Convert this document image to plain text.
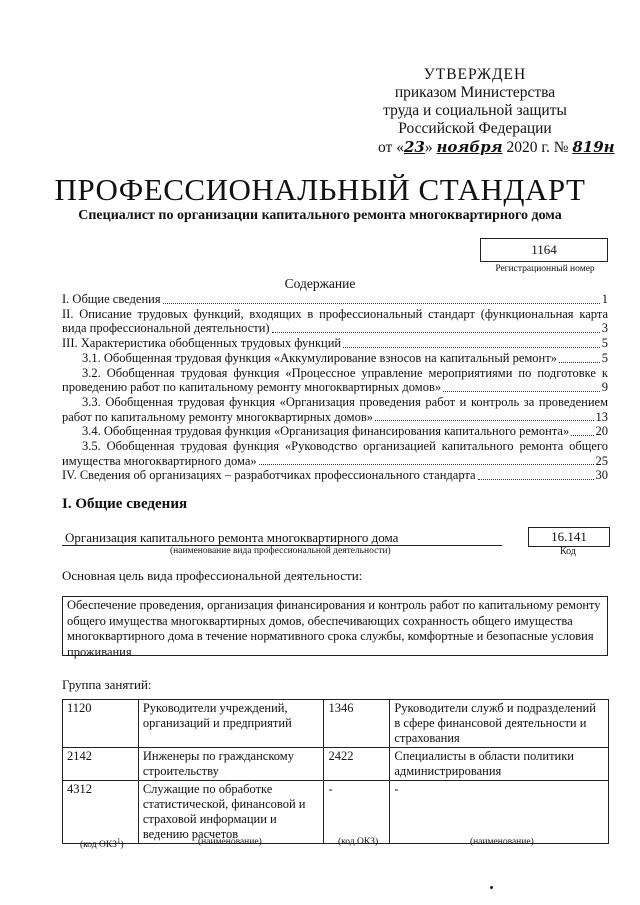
УТВЕРЖДЕН
приказом Министерства
труда и социальной защиты
Российской Федерации
от «23» ноября 2020 г. № 819н
ПРОФЕССИОНАЛЬНЫЙ СТАНДАРТ
Специалист по организации капитального ремонта многоквартирного дома
1164
Регистрационный номер
Содержание
I. Общие сведения	1
II. Описание трудовых функций, входящих в профессиональный стандарт (функциональная карта
вида профессиональной деятельности)	3
III. Характеристика обобщенных трудовых функций	5
3.1. Обобщенная трудовая функция «Аккумулирование взносов на капитальный ремонт»	5
3.2. Обобщенная трудовая функция «Процессное управление мероприятиями по подготовке к
проведению работ по капитальному ремонту многоквартирных домов»	9
3.3. Обобщенная трудовая функция «Организация проведения работ и контроль за проведением
работ по капитальному ремонту многоквартирных домов»	13
3.4. Обобщенная трудовая функция «Организация финансирования капитального ремонта» 20
3.5. Обобщенная трудовая функция «Руководство организацией капитального ремонта общего
имущества многоквартирного дома»	25
IV. Сведения об организациях – разработчиках профессионального стандарта	30
I. Общие сведения
Организация капитального ремонта многоквартирного дома
(наименование вида профессиональной деятельности)
16.141
Код
Основная цель вида профессиональной деятельности:
Обеспечение проведения, организация финансирования и контроль работ по капитальному ремонту общего имущества многоквартирных домов, обеспечивающих сохранность общего имущества многоквартирного дома в течение нормативного срока службы, комфортные и безопасные условия проживания
Группа занятий:
1120	Руководители учреждений, организаций и предприятий	1346	Руководители служб и подразделений в сфере финансовой деятельности и страхования
2142	Инженеры по гражданскому строительству	2422	Специалисты в области политики администрирования
4312	Служащие по обработке статистической, финансовой и страховой информации и ведению расчетов	-	-
(код ОКЗ$^1$)	(наименование)	(код ОКЗ)	(наименование)
